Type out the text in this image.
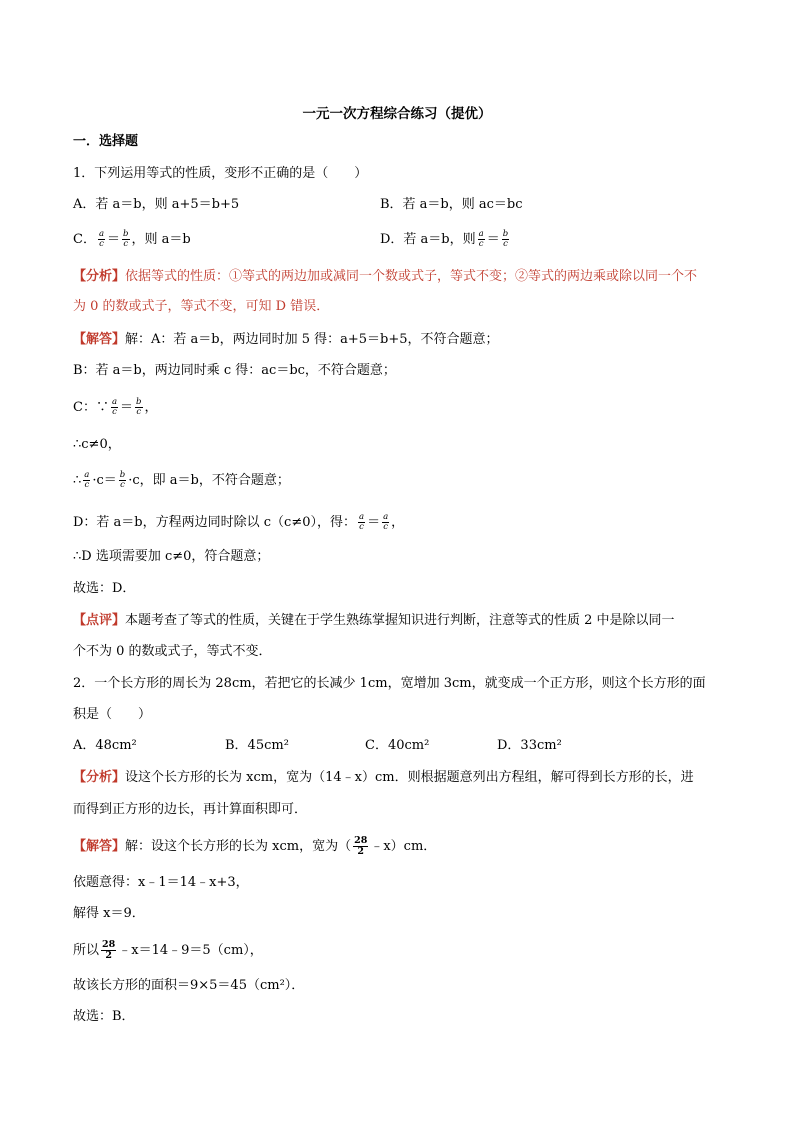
一元一次方程综合练习（提优）
一．选择题
1．下列运用等式的性质，变形不正确的是（　　）
A．若 a＝b，则 a+5＝b+5	B．若 a＝b，则 ac＝bc
C． $\frac{a}{c} = \frac{b}{c}$ ，则 a＝b	D．若 a＝b，则 $\frac{a}{c} = \frac{b}{c}$
【分析】依据等式的性质：①等式的两边加或减同一个数或式子，等式不变；②等式的两边乘或除以同一个不
为 0 的数或式子，等式不变，可知 D 错误．
【解答】解：A：若 a＝b，两边同时加 5 得：a+5＝b+5，不符合题意；
B：若 a＝b，两边同时乘 c 得：ac＝bc，不符合题意；
C：∵ $\frac{a}{c} = \frac{b}{c}$ ，
∴c≠0，
∴ $\frac{a}{c} \cdot c= \frac{b}{c} \cdot c$，即 a＝b，不符合题意；
D：若 a＝b，方程两边同时除以 c（c≠0），得： $\frac{a}{c} = \frac{a}{c}$ ，
∴D 选项需要加 c≠0，符合题意；
故选：D．
【点评】本题考查了等式的性质，关键在于学生熟练掌握知识进行判断，注意等式的性质 2 中是除以同一
个不为 0 的数或式子，等式不变．
2．一个长方形的周长为 28cm，若把它的长减少 1cm，宽增加 3cm，就变成一个正方形，则这个长方形的面
积是（　　）
A．48cm²	B．45cm²	C．40cm²	D．33cm²
【分析】设这个长方形的长为 xcm，宽为（14﹣x）cm．则根据题意列出方程组，解可得到长方形的长，进
而得到正方形的边长，再计算面积即可．
【解答】解：设这个长方形的长为 xcm，宽为（ $\frac{28}{2}$ ﹣x）cm．
依题意得：x﹣1＝14﹣x+3，
解得 x＝9．
所以 $\frac{28}{2}$ ﹣x＝14﹣9＝5（cm），
故该长方形的面积＝9×5＝45（cm²）．
故选：B．
